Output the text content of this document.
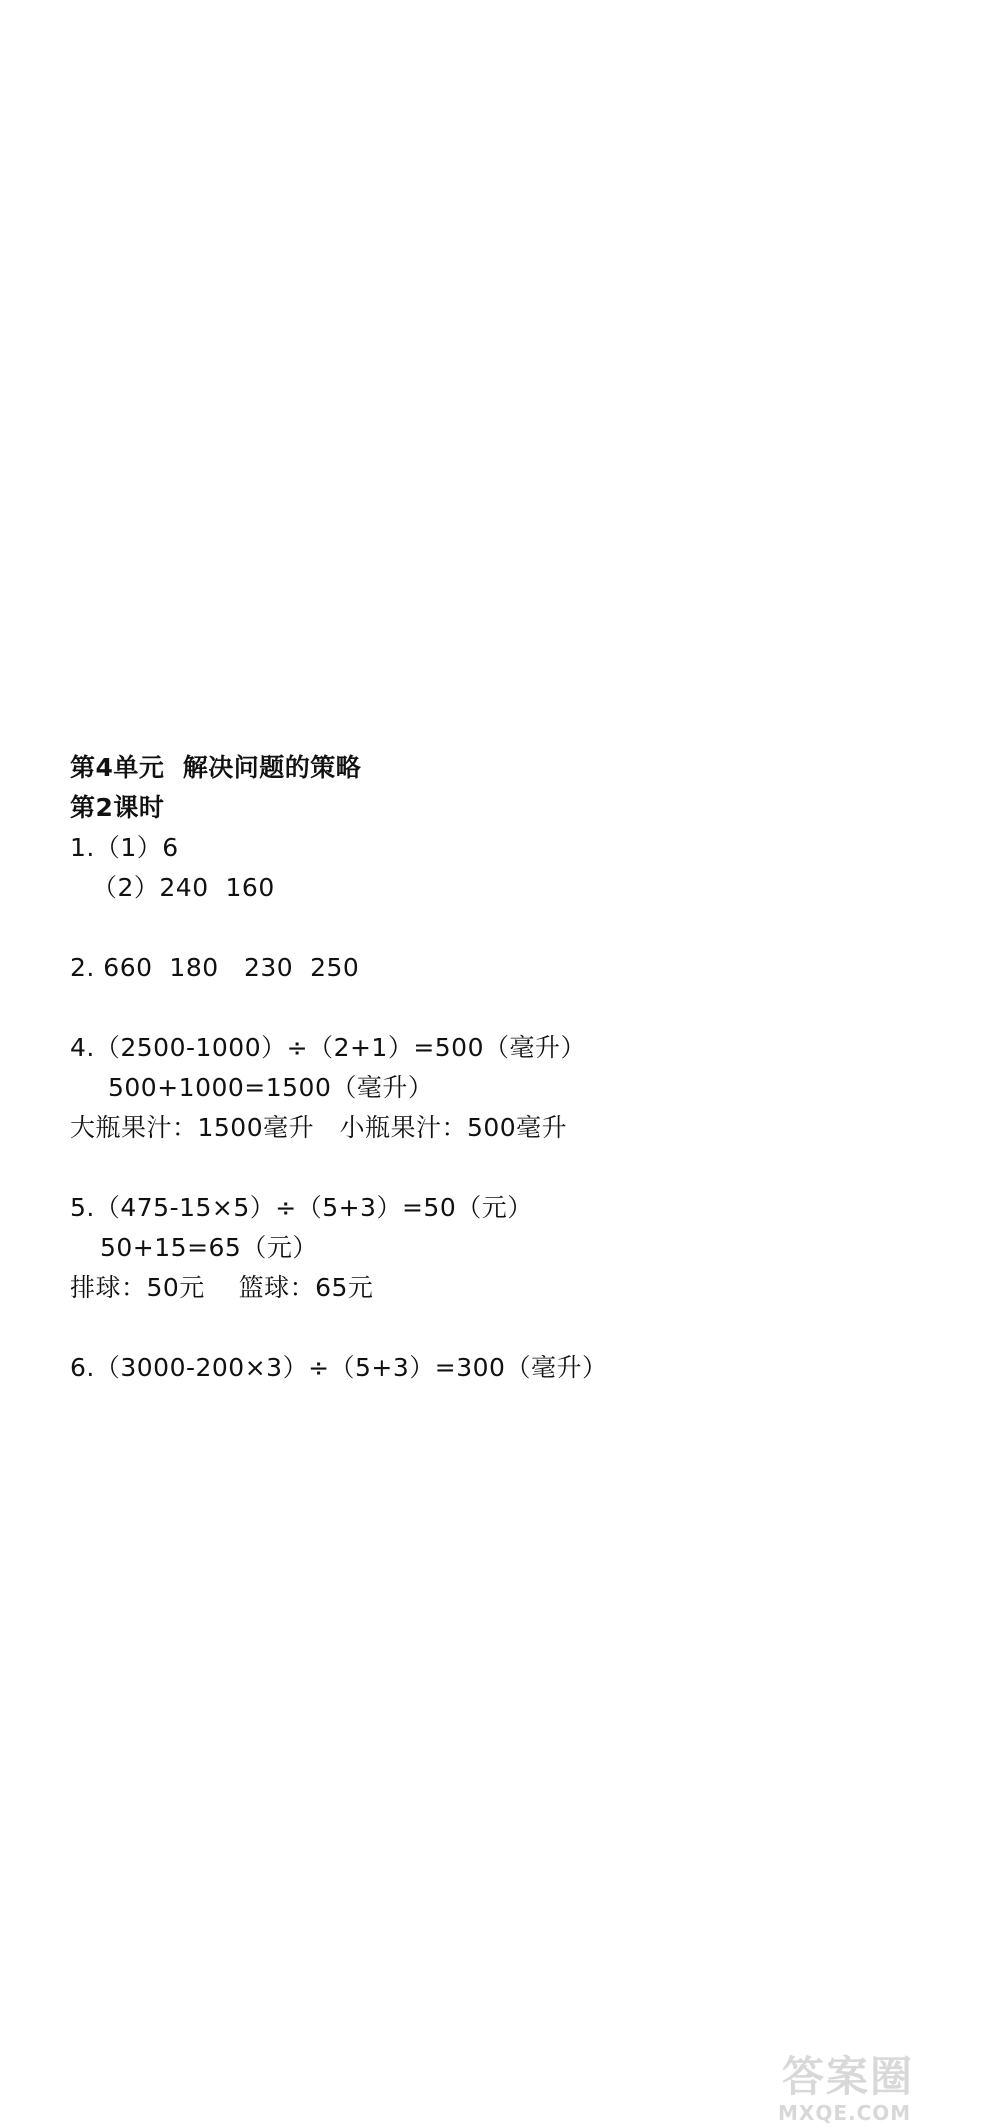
第4单元  解决问题的策略
第2课时
1.（1）6
（2）240  160
2. 660  180   230  250
4.（2500-1000）÷（2+1）=500（毫升）
500+1000=1500（毫升）
大瓶果汁：1500毫升   小瓶果汁：500毫升
5.（475-15×5）÷（5+3）=50（元）
50+15=65（元）
排球：50元    篮球：65元
6.（3000-200×3）÷（5+3）=300（毫升）
答案圈
MXQE.COM
